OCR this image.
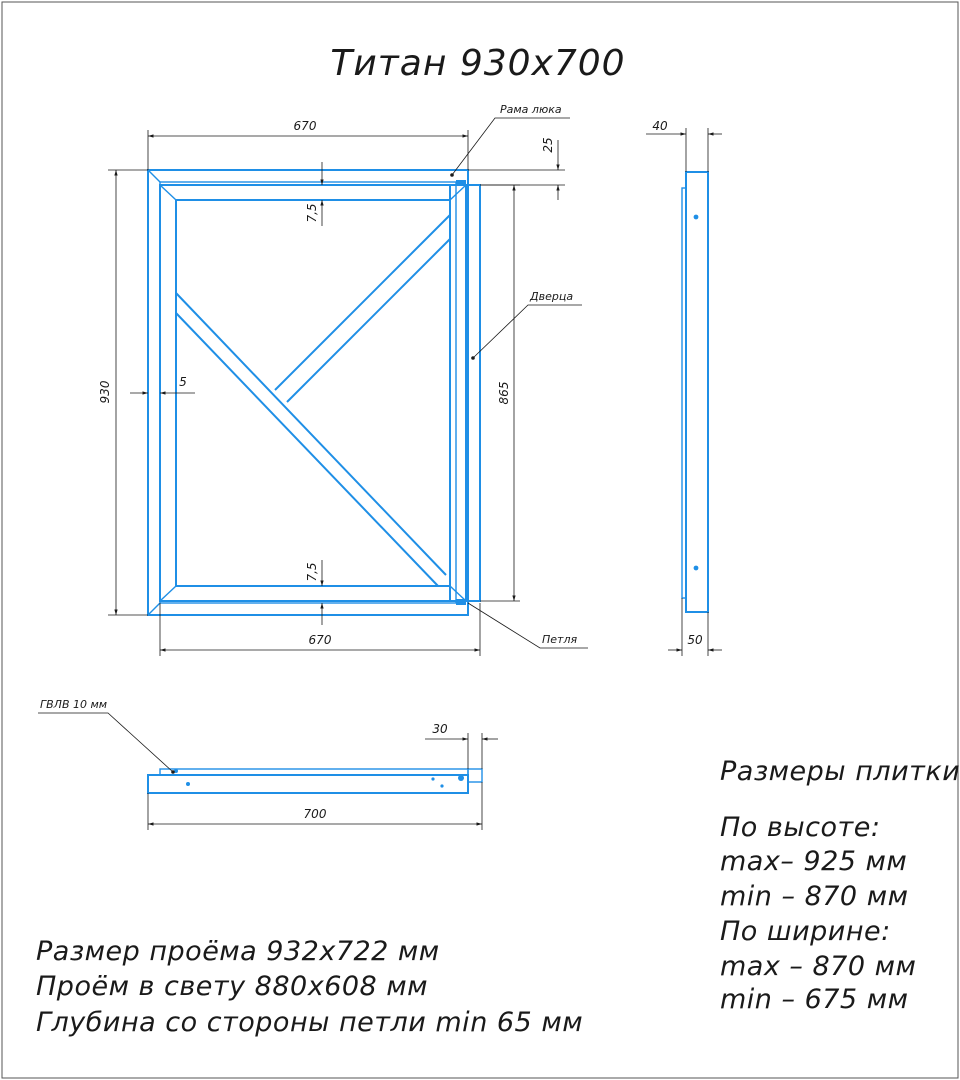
Титан 930х700
670
670
930	865
7,5
7,5
5
25
Рама люка
Дверца
Петля
40
50
ГВЛВ 10 мм
30
700
Размеры плитки
По высоте:
max– 925 мм
min – 870 мм
По ширине:
max – 870 мм
min – 675 мм
Размер проёма 932х722 мм
Проём в свету 880х608 мм
Глубина со стороны петли min 65 мм
